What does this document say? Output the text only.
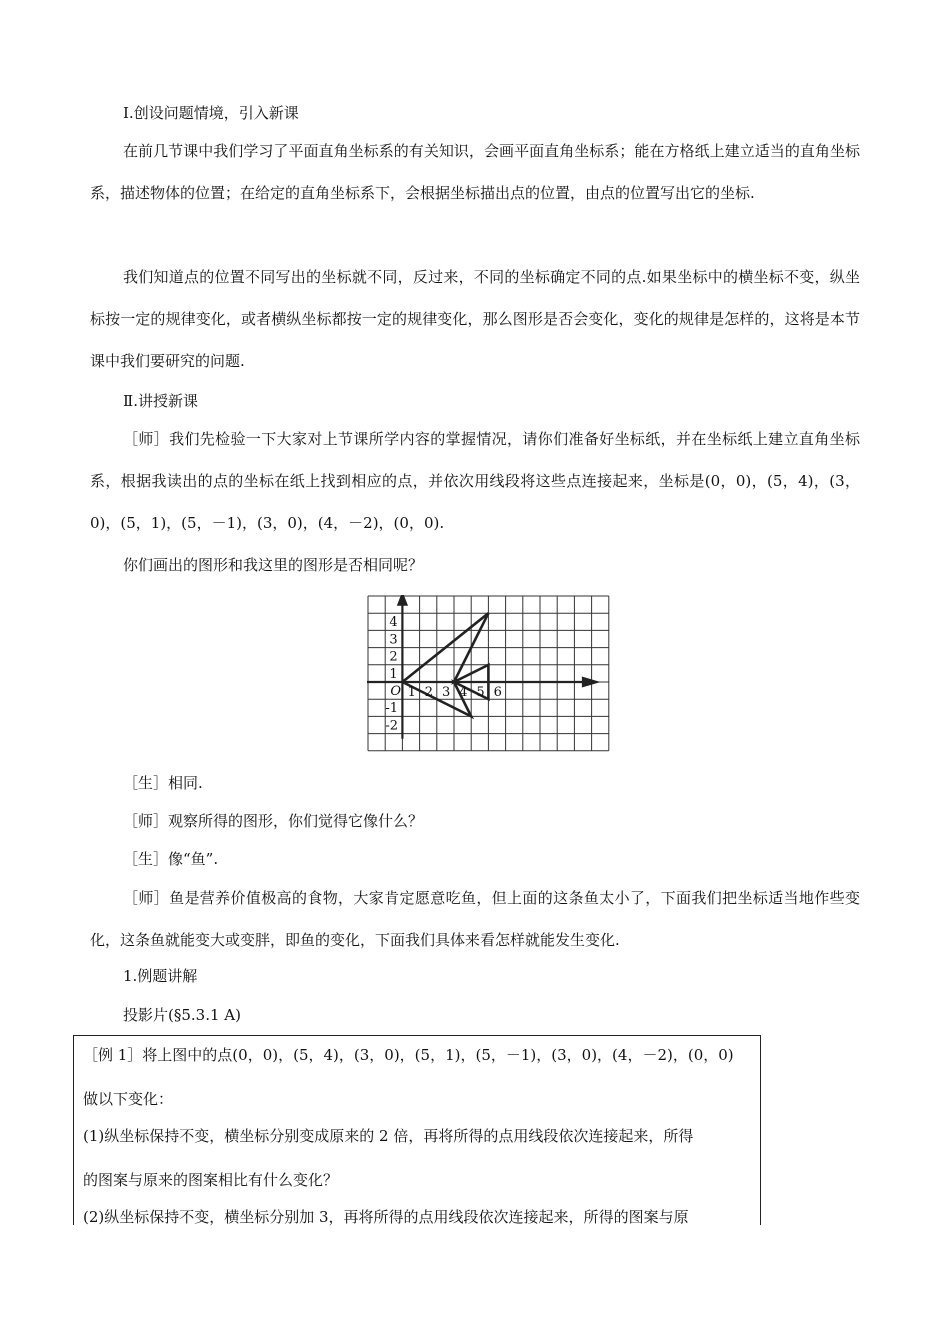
Ⅰ.创设问题情境，引入新课

在前几节课中我们学习了平面直角坐标系的有关知识，会画平面直角坐标系；能在方格纸上建立适当的直角坐标系，描述物体的位置；在给定的直角坐标系下，会根据坐标描出点的位置，由点的位置写出它的坐标.

我们知道点的位置不同写出的坐标就不同，反过来，不同的坐标确定不同的点.如果坐标中的横坐标不变，纵坐标按一定的规律变化，或者横纵坐标都按一定的规律变化，那么图形是否会变化，变化的规律是怎样的，这将是本节课中我们要研究的问题.

Ⅱ.讲授新课

［师］我们先检验一下大家对上节课所学内容的掌握情况，请你们准备好坐标纸，并在坐标纸上建立直角坐标系，根据我读出的点的坐标在纸上找到相应的点，并依次用线段将这些点连接起来，坐标是(0，0)，(5，4)，(3，0)，(5，1)，(5，－1)，(3，0)，(4，－2)，(0，0).

你们画出的图形和我这里的图形是否相同呢？

O 1 2 3 4 5 6
1
2
3
4
-1
-2

［生］相同.

［师］观察所得的图形，你们觉得它像什么？

［生］像“鱼”.

［师］鱼是营养价值极高的食物，大家肯定愿意吃鱼，但上面的这条鱼太小了，下面我们把坐标适当地作些变化，这条鱼就能变大或变胖，即鱼的变化，下面我们具体来看怎样就能发生变化.

1.例题讲解

投影片(§5.3.1 A)

［例 1］将上图中的点(0，0)，(5，4)，(3，0)，(5，1)，(5，－1)，(3，0)，(4，－2)，(0，0)

做以下变化：

(1)纵坐标保持不变，横坐标分别变成原来的 2 倍，再将所得的点用线段依次连接起来，所得

的图案与原来的图案相比有什么变化？

(2)纵坐标保持不变，横坐标分别加 3，再将所得的点用线段依次连接起来，所得的图案与原
